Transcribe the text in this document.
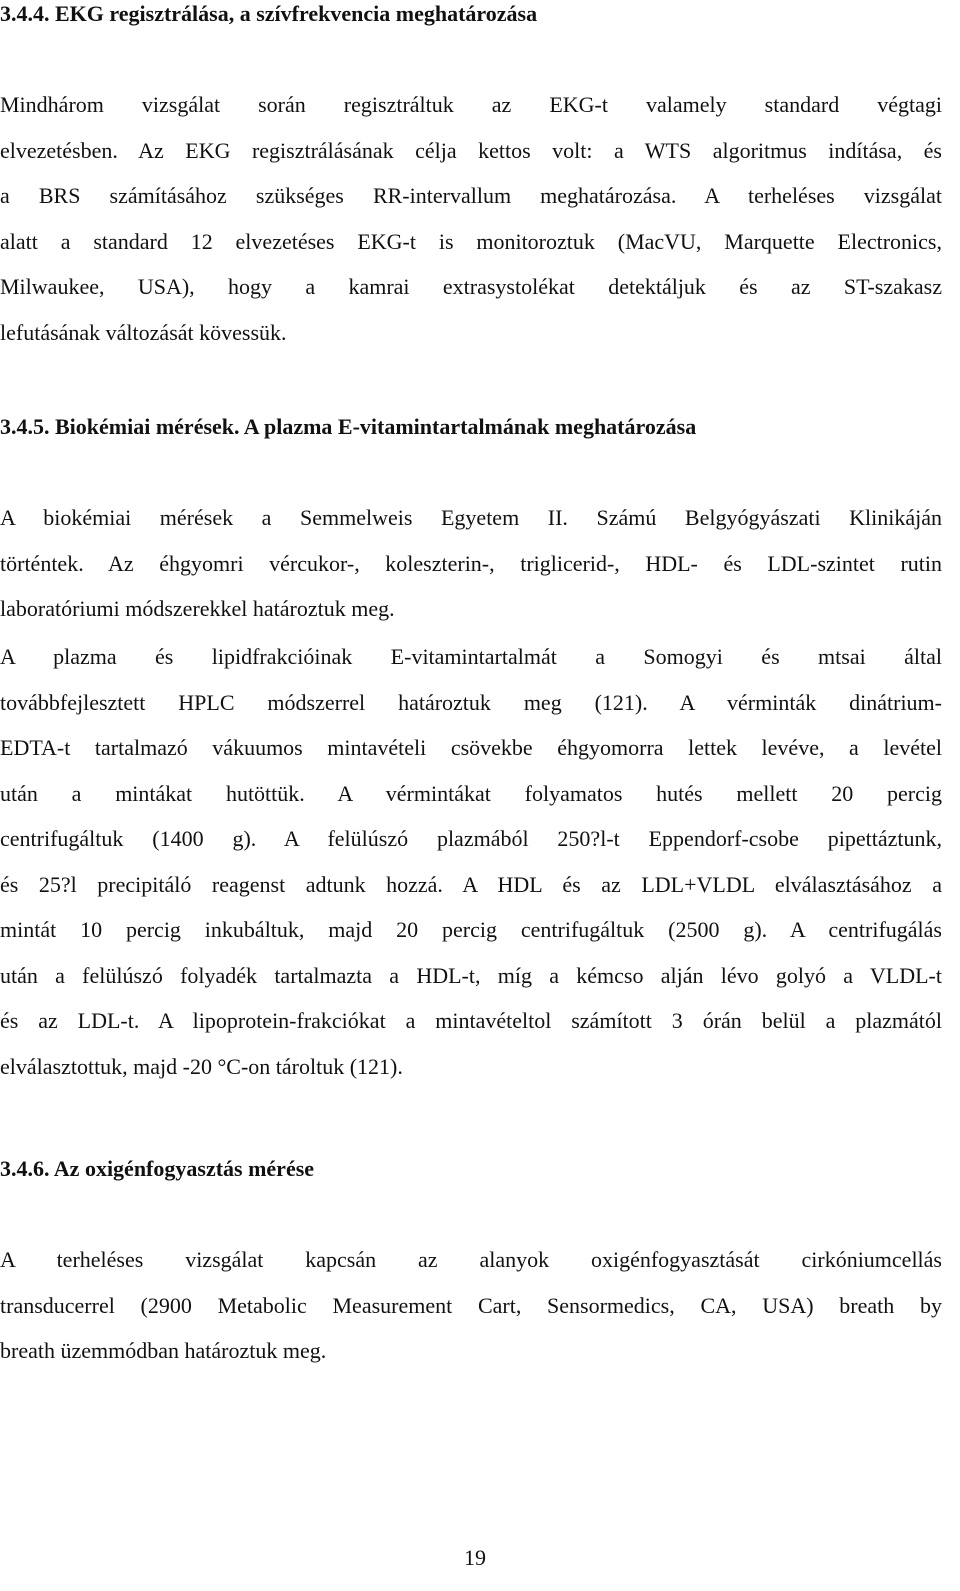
3.4.4. EKG regisztrálása, a szívfrekvencia meghatározása

Mindhárom vizsgálat során regisztráltuk az EKG-t valamely standard végtagi
elvezetésben. Az EKG regisztrálásának célja kettos volt: a WTS algoritmus indítása, és
a BRS számításához szükséges RR-intervallum meghatározása. A terheléses vizsgálat
alatt a standard 12 elvezetéses EKG-t is monitoroztuk (MacVU, Marquette Electronics,
Milwaukee, USA), hogy a kamrai extrasystolékat detektáljuk és az ST-szakasz
lefutásának változását kövessük.

3.4.5. Biokémiai mérések. A plazma E-vitamintartalmának meghatározása

A biokémiai mérések a Semmelweis Egyetem II. Számú Belgyógyászati Klinikáján
történtek. Az éhgyomri vércukor-, koleszterin-, triglicerid-, HDL- és LDL-szintet rutin
laboratóriumi módszerekkel határoztuk meg.

A plazma és lipidfrakcióinak E-vitamintartalmát a Somogyi és mtsai által
továbbfejlesztett HPLC módszerrel határoztuk meg (121). A vérminták dinátrium-
EDTA-t tartalmazó vákuumos mintavételi csövekbe éhgyomorra lettek levéve, a levétel
után a mintákat hutöttük. A vérmintákat folyamatos hutés mellett 20 percig
centrifugáltuk (1400 g). A felülúszó plazmából 250?l-t Eppendorf-csobe pipettáztunk,
és 25?l precipitáló reagenst adtunk hozzá. A HDL és az LDL+VLDL elválasztásához a
mintát 10 percig inkubáltuk, majd 20 percig centrifugáltuk (2500 g). A centrifugálás
után a felülúszó folyadék tartalmazta a HDL-t, míg a kémcso alján lévo golyó a VLDL-t
és az LDL-t. A lipoprotein-frakciókat a mintavételtol számított 3 órán belül a plazmától
elválasztottuk, majd -20 °C-on tároltuk (121).

3.4.6. Az oxigénfogyasztás mérése

A terheléses vizsgálat kapcsán az alanyok oxigénfogyasztását cirkóniumcellás
transducerrel (2900 Metabolic Measurement Cart, Sensormedics, CA, USA) breath by
breath üzemmódban határoztuk meg.

19
